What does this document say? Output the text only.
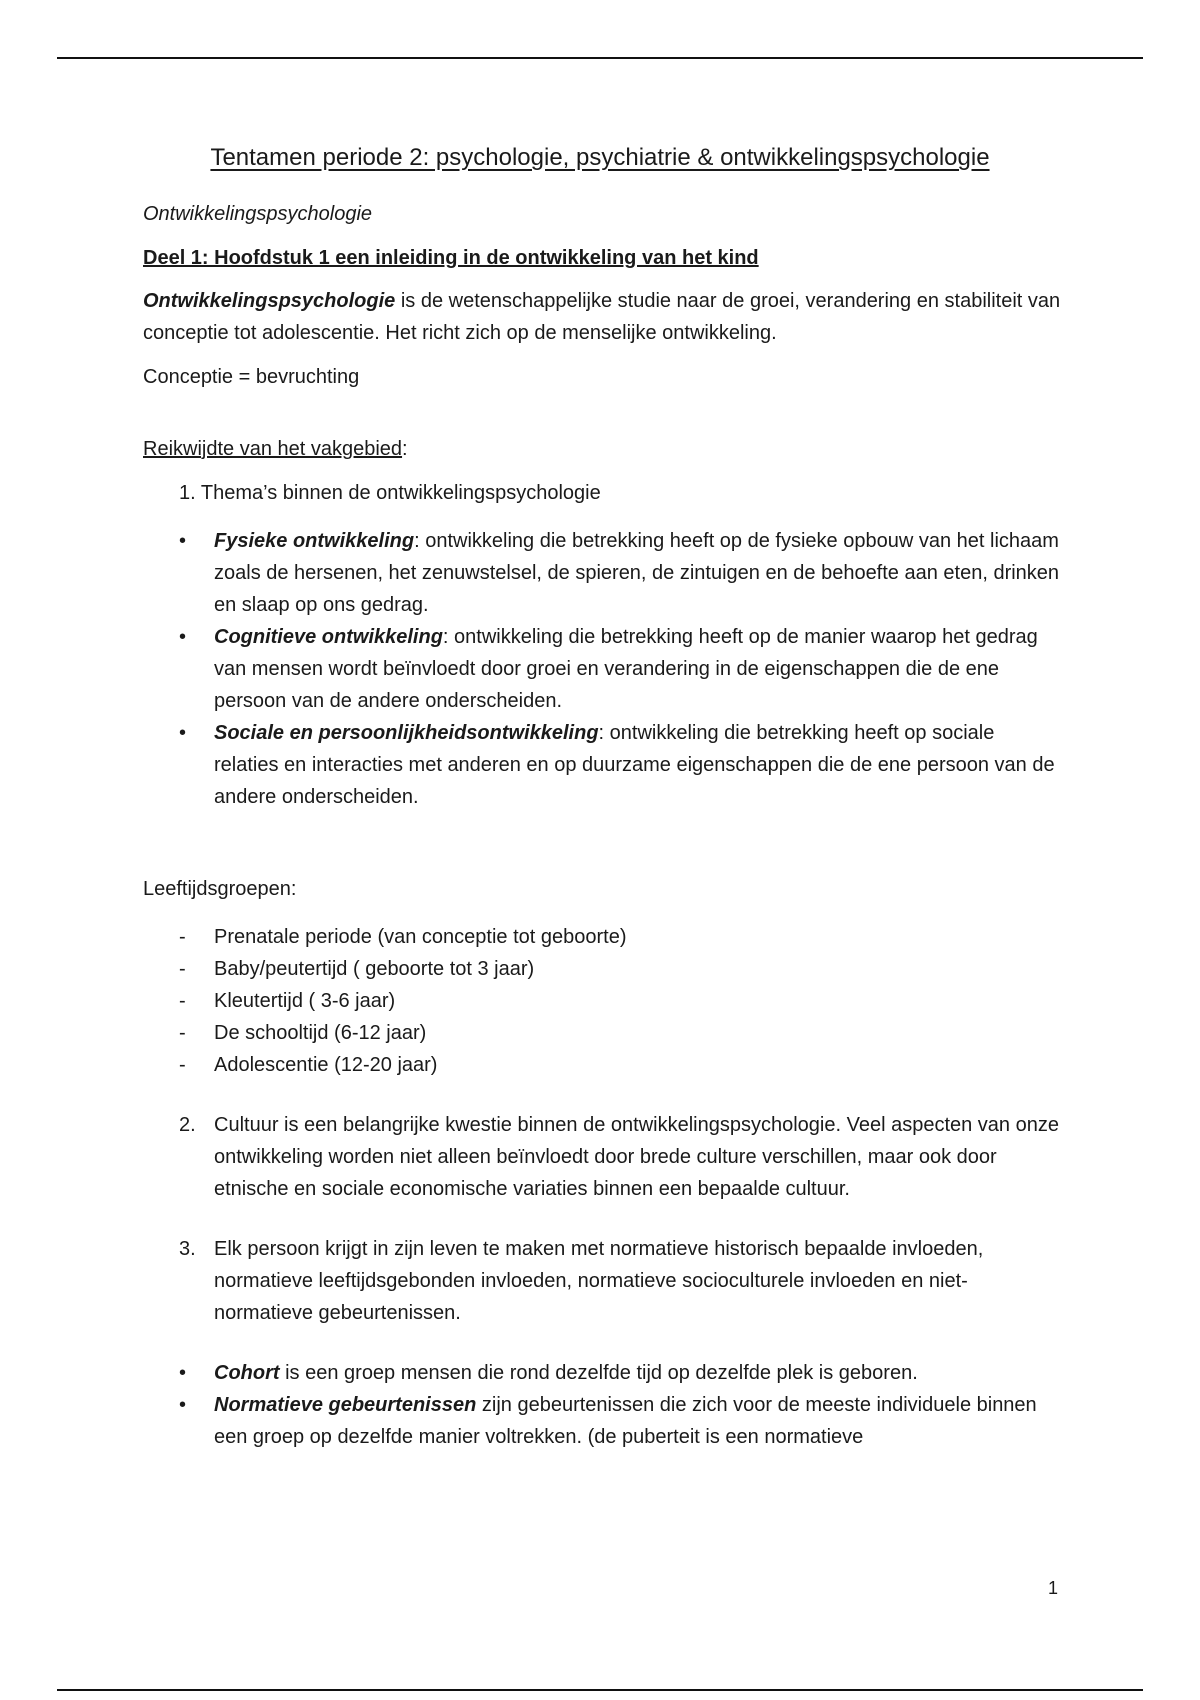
Tentamen periode 2: psychologie, psychiatrie & ontwikkelingspsychologie

Ontwikkelingspsychologie

Deel 1: Hoofdstuk 1 een inleiding in de ontwikkeling van het kind

Ontwikkelingspsychologie is de wetenschappelijke studie naar de groei, verandering en stabiliteit van conceptie tot adolescentie. Het richt zich op de menselijke ontwikkeling.

Conceptie = bevruchting

Reikwijdte van het vakgebied:

1. Thema’s binnen de ontwikkelingspsychologie

•	Fysieke ontwikkeling: ontwikkeling die betrekking heeft op de fysieke opbouw van het lichaam zoals de hersenen, het zenuwstelsel, de spieren, de zintuigen en de behoefte aan eten, drinken en slaap op ons gedrag.
•	Cognitieve ontwikkeling: ontwikkeling die betrekking heeft op de manier waarop het gedrag van mensen wordt beïnvloedt door groei en verandering in de eigenschappen die de ene persoon van de andere onderscheiden.
•	Sociale en persoonlijkheidsontwikkeling: ontwikkeling die betrekking heeft op sociale relaties en interacties met anderen en op duurzame eigenschappen die de ene persoon van de andere onderscheiden.

Leeftijdsgroepen:

-	Prenatale periode (van conceptie tot geboorte)
-	Baby/peutertijd ( geboorte tot 3 jaar)
-	Kleutertijd ( 3-6 jaar)
-	De schooltijd (6-12 jaar)
-	Adolescentie (12-20 jaar)
2. Cultuur is een belangrijke kwestie binnen de ontwikkelingspsychologie. Veel aspecten van onze ontwikkeling worden niet alleen beïnvloedt door brede culture verschillen, maar ook door etnische en sociale economische variaties binnen een bepaalde cultuur.
3. Elk persoon krijgt in zijn leven te maken met normatieve historisch bepaalde invloeden, normatieve leeftijdsgebonden invloeden, normatieve socioculturele invloeden en niet-normatieve gebeurtenissen.
•	Cohort is een groep mensen die rond dezelfde tijd op dezelfde plek is geboren.
•	Normatieve gebeurtenissen zijn gebeurtenissen die zich voor de meeste individuele binnen een groep op dezelfde manier voltrekken. (de puberteit is een normatieve
1
